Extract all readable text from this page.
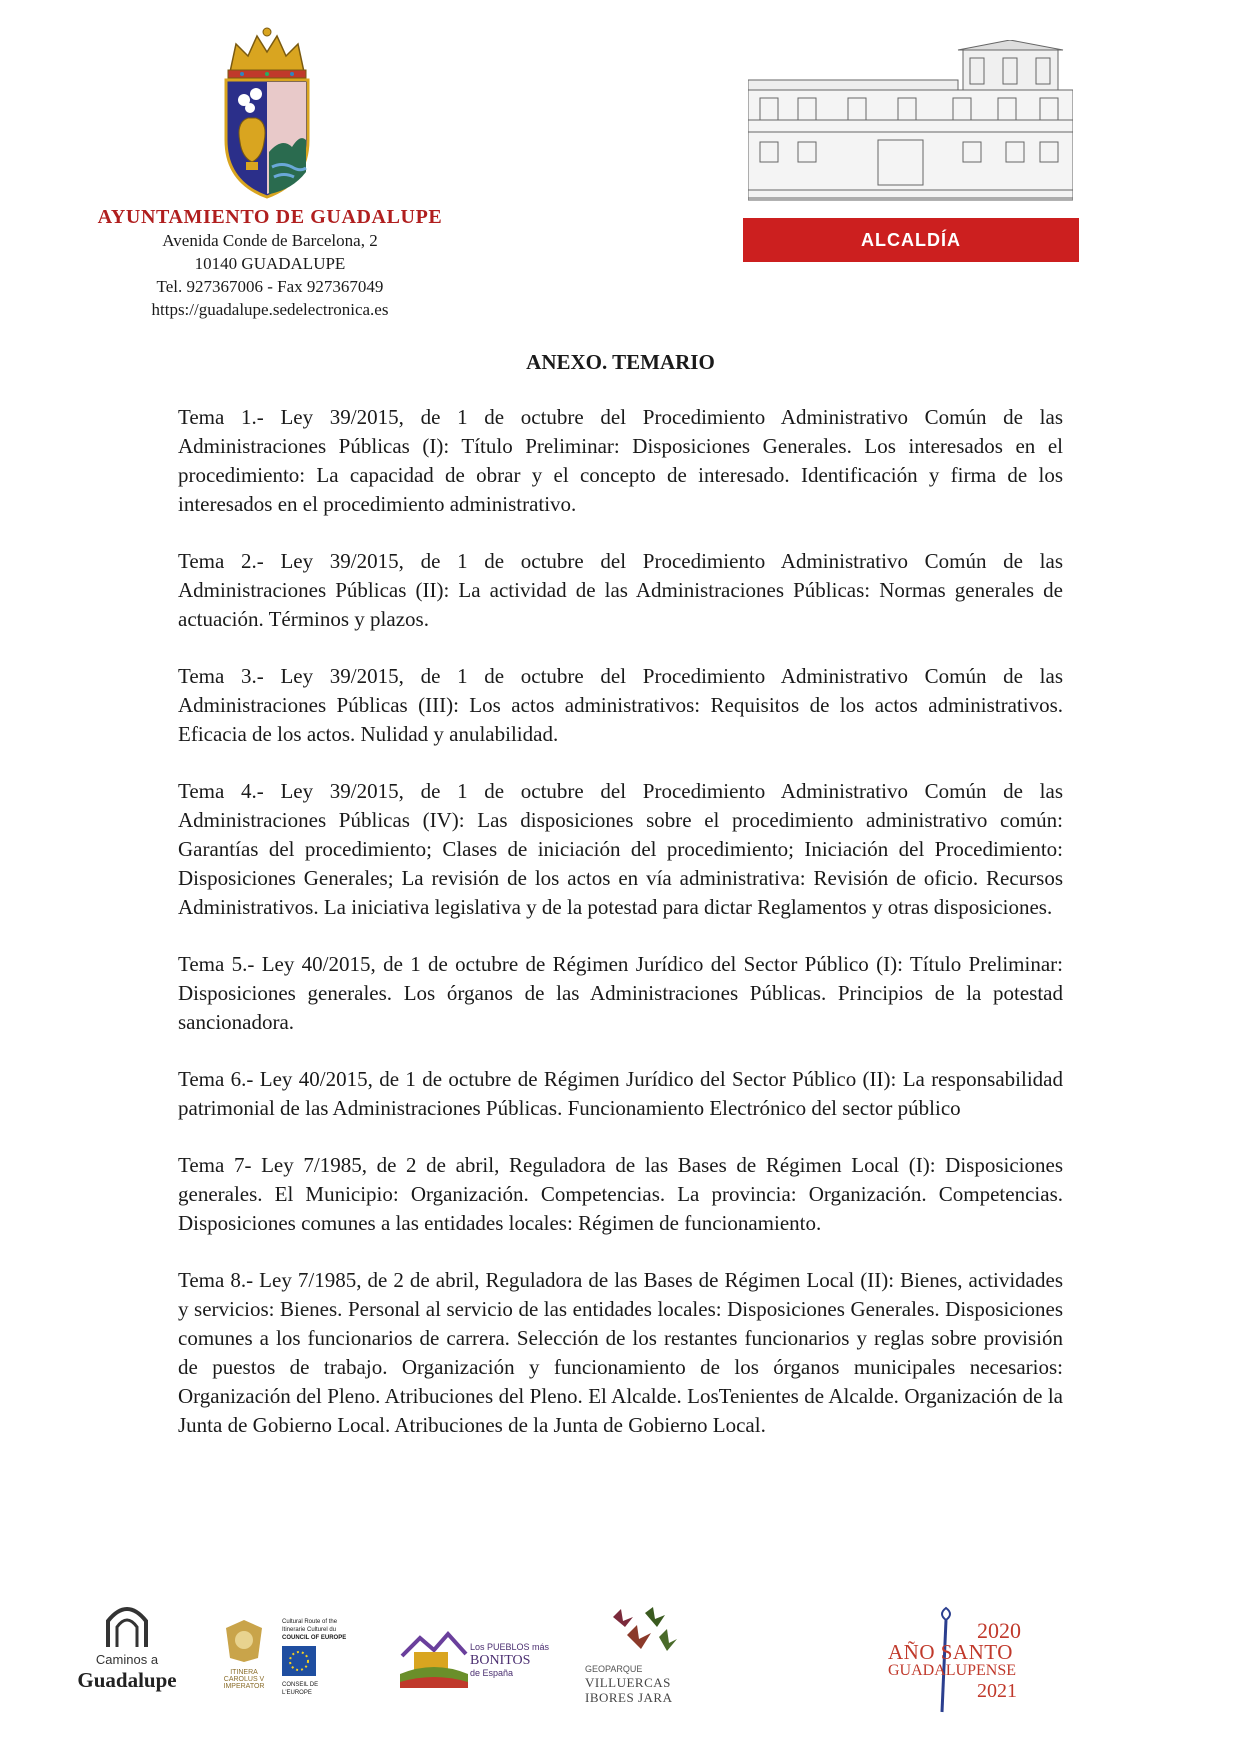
AYUNTAMIENTO DE GUADALUPE
Avenida Conde de Barcelona, 2
10140 GUADALUPE
Tel. 927367006 - Fax 927367049
https://guadalupe.sedelectronica.es
ALCALDÍA
ANEXO. TEMARIO

Tema 1.- Ley 39/2015, de 1 de octubre del Procedimiento Administrativo Común de las Administraciones Públicas (I): Título Preliminar: Disposiciones Generales. Los interesados en el procedimiento: La capacidad de obrar y el concepto de interesado. Identificación y firma de los interesados en el procedimiento administrativo.

Tema 2.- Ley 39/2015, de 1 de octubre del Procedimiento Administrativo Común de las Administraciones Públicas (II): La actividad de las Administraciones Públicas: Normas generales de actuación. Términos y plazos.

Tema 3.- Ley 39/2015, de 1 de octubre del Procedimiento Administrativo Común de las Administraciones Públicas (III): Los actos administrativos: Requisitos de los actos administrativos. Eficacia de los actos. Nulidad y anulabilidad.

Tema 4.- Ley 39/2015, de 1 de octubre del Procedimiento Administrativo Común de las Administraciones Públicas (IV): Las disposiciones sobre el procedimiento administrativo común: Garantías del procedimiento; Clases de iniciación del procedimiento; Iniciación del Procedimiento: Disposiciones Generales; La revisión de los actos en vía administrativa: Revisión de oficio. Recursos Administrativos. La iniciativa legislativa y de la potestad para dictar Reglamentos y otras disposiciones.

Tema 5.- Ley 40/2015, de 1 de octubre de Régimen Jurídico del Sector Público (I): Título Preliminar: Disposiciones generales. Los órganos de las Administraciones Públicas. Principios de la potestad sancionadora.

Tema 6.- Ley 40/2015, de 1 de octubre de Régimen Jurídico del Sector Público (II): La responsabilidad patrimonial de las Administraciones Públicas. Funcionamiento Electrónico del sector público

Tema 7- Ley 7/1985, de 2 de abril, Reguladora de las Bases de Régimen Local (I): Disposiciones generales. El Municipio: Organización. Competencias. La provincia: Organización. Competencias. Disposiciones comunes a las entidades locales: Régimen de funcionamiento.

Tema 8.- Ley 7/1985, de 2 de abril, Reguladora de las Bases de Régimen Local (II): Bienes, actividades y servicios: Bienes. Personal al servicio de las entidades locales: Disposiciones Generales. Disposiciones comunes a los funcionarios de carrera. Selección de los restantes funcionarios y reglas sobre provisión de puestos de trabajo. Organización y funcionamiento de los órganos municipales necesarios: Organización del Pleno. Atribuciones del Pleno. El Alcalde. LosTenientes de Alcalde. Organización de la Junta de Gobierno Local. Atribuciones de la Junta de Gobierno Local.

Caminos a
Guadalupe	ITINERA
CAROLUS V
IMPERATOR
Cultural Route of the
Itinerarie Culturel du
COUNCIL OF EUROPE
CONSEIL DE L'EUROPE
Los PUEBLOS más
BONITOS
de España	GEOPARQUE
VILLUERCAS
IBORES JARA
2020
AÑO SANTO
GUADALUPENSE
2021
